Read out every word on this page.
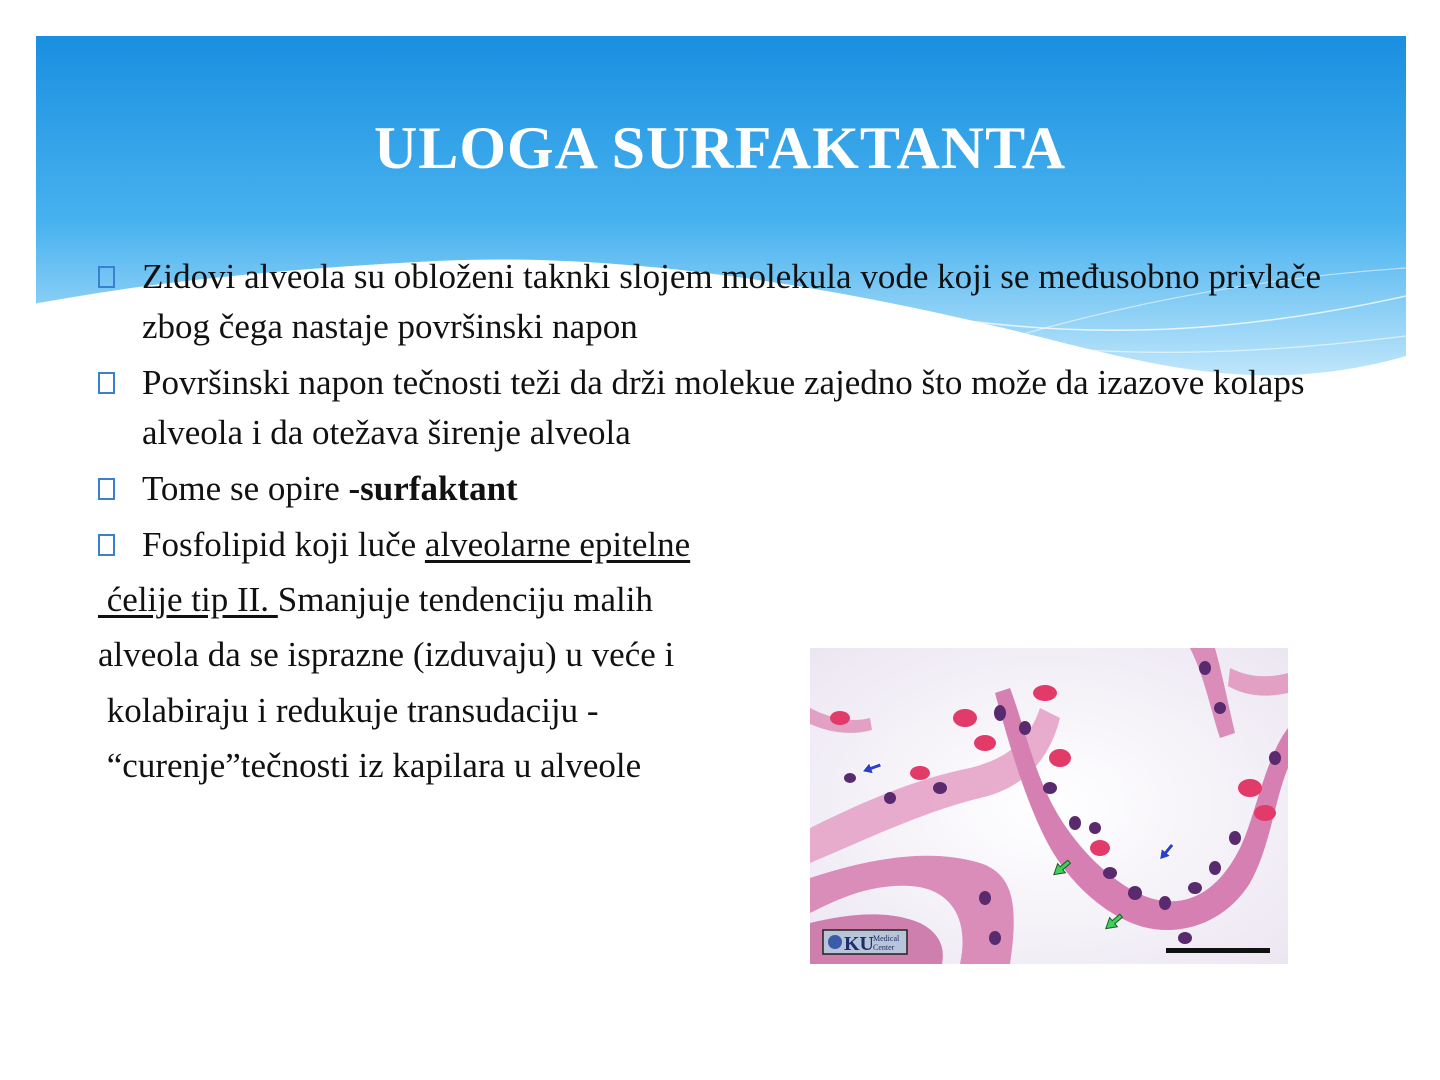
ULOGA SURFAKTANTA
Zidovi alveola su obloženi taknki slojem molekula vode koji se međusobno privlače zbog čega nastaje površinski napon
Površinski napon tečnosti teži da drži molekue zajedno što može da izazove kolaps alveola i da otežava širenje alveola
Tome se opire -surfaktant
Fosfolipid koji luče alveolarne epitelne
ćelije tip II. Smanjuje tendenciju malih
alveola da se isprazne (izduvaju) u veće i
kolabiraju i redukuje transudaciju -
“curenje”tečnosti iz kapilara u alveole
KU Medical
Center
